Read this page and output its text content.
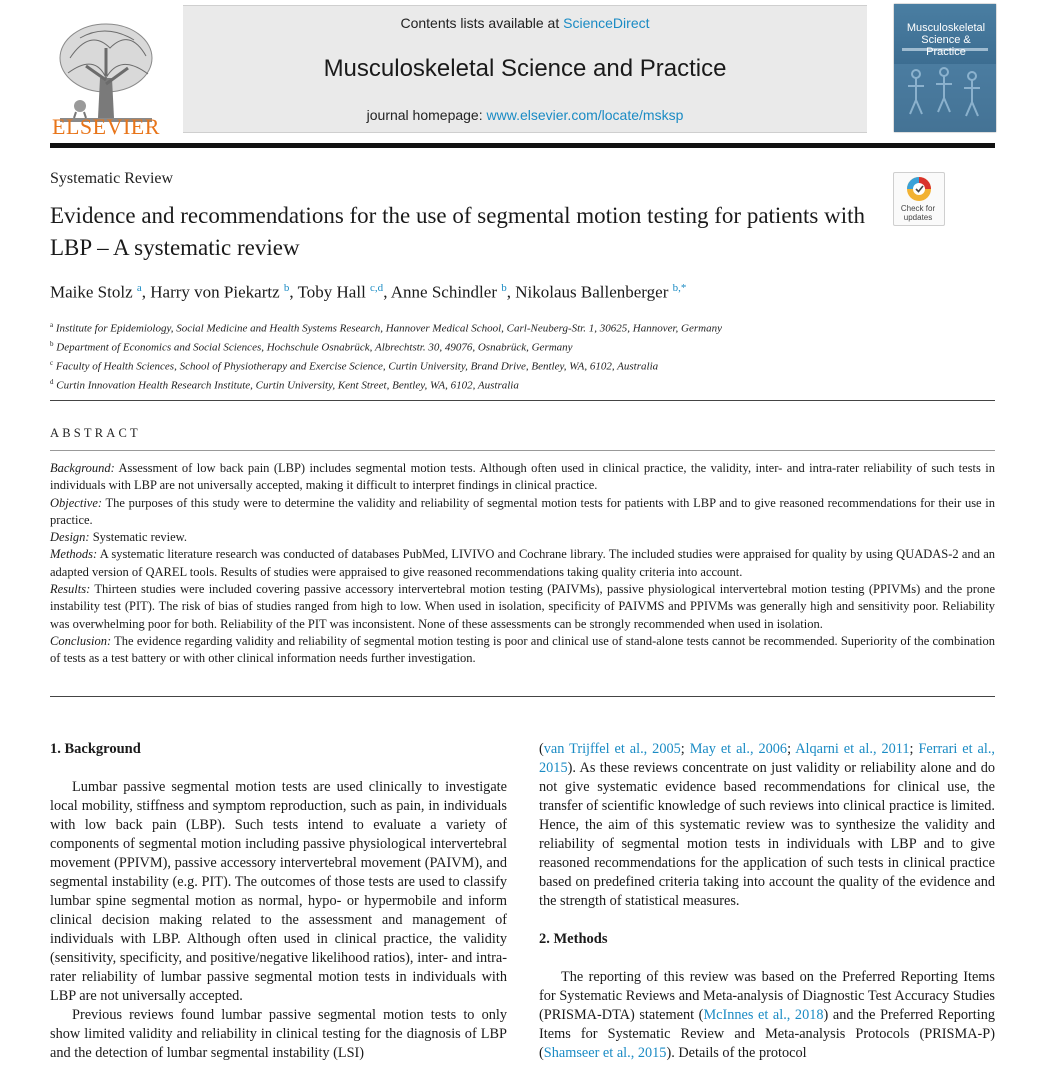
ELSEVIER
Contents lists available at ScienceDirect
Musculoskeletal Science and Practice
journal homepage: www.elsevier.com/locate/msksp
Musculoskeletal Science & Practice
Systematic Review
Check for updates
Evidence and recommendations for the use of segmental motion testing for patients with LBP – A systematic review
Maike Stolz $^a$, Harry von Piekartz $^b$, Toby Hall $^{c,d}$, Anne Schindler $^b$, Nikolaus Ballenberger $^{b,*}$
$^a$ Institute for Epidemiology, Social Medicine and Health Systems Research, Hannover Medical School, Carl-Neuberg-Str. 1, 30625, Hannover, Germany
$^b$ Department of Economics and Social Sciences, Hochschule Osnabrück, Albrechtstr. 30, 49076, Osnabrück, Germany
$^c$ Faculty of Health Sciences, School of Physiotherapy and Exercise Science, Curtin University, Brand Drive, Bentley, WA, 6102, Australia
$^d$ Curtin Innovation Health Research Institute, Curtin University, Kent Street, Bentley, WA, 6102, Australia
ABSTRACT

Background: Assessment of low back pain (LBP) includes segmental motion tests. Although often used in clinical practice, the validity, inter- and intra-rater reliability of such tests in individuals with LBP are not universally accepted, making it difficult to interpret findings in clinical practice.

Objective: The purposes of this study were to determine the validity and reliability of segmental motion tests for patients with LBP and to give reasoned recommendations for their use in practice.

Design: Systematic review.

Methods: A systematic literature research was conducted of databases PubMed, LIVIVO and Cochrane library. The included studies were appraised for quality by using QUADAS-2 and an adapted version of QAREL tools. Results of studies were appraised to give reasoned recommendations taking quality criteria into account.

Results: Thirteen studies were included covering passive accessory intervertebral motion testing (PAIVMs), passive physiological intervertebral motion testing (PPIVMs) and the prone instability test (PIT). The risk of bias of studies ranged from high to low. When used in isolation, specificity of PAIVMS and PPIVMs was generally high and sensitivity poor. Reliability was overwhelming poor for both. Reliability of the PIT was inconsistent. None of these assessments can be strongly recommended when used in isolation.

Conclusion: The evidence regarding validity and reliability of segmental motion testing is poor and clinical use of stand-alone tests cannot be recommended. Superiority of the combination of tests as a test battery or with other clinical information needs further investigation.

1. Background

Lumbar passive segmental motion tests are used clinically to investigate local mobility, stiffness and symptom reproduction, such as pain, in individuals with low back pain (LBP). Such tests intend to evaluate a variety of components of segmental motion including passive physiological intervertebral movement (PPIVM), passive accessory intervertebral movement (PAIVM), and segmental instability (e.g. PIT). The outcomes of those tests are used to classify lumbar spine segmental motion as normal, hypo- or hypermobile and inform clinical decision making related to the assessment and management of individuals with LBP. Although often used in clinical practice, the validity (sensitivity, specificity, and positive/negative likelihood ratios), inter- and intra-rater reliability of lumbar passive segmental motion tests in individuals with LBP are not universally accepted.

Previous reviews found lumbar passive segmental motion tests to only show limited validity and reliability in clinical testing for the diagnosis of LBP and the detection of lumbar segmental instability (LSI)

(van Trijffel et al., 2005; May et al., 2006; Alqarni et al., 2011; Ferrari et al., 2015). As these reviews concentrate on just validity or reliability alone and do not give systematic evidence based recommendations for clinical use, the transfer of scientific knowledge of such reviews into clinical practice is limited. Hence, the aim of this systematic review was to synthesize the validity and reliability of segmental motion tests in individuals with LBP and to give reasoned recommendations for the application of such tests in clinical practice based on predefined criteria taking into account the quality of the evidence and the strength of statistical measures.

2. Methods

The reporting of this review was based on the Preferred Reporting Items for Systematic Reviews and Meta-analysis of Diagnostic Test Accuracy Studies (PRISMA-DTA) statement (McInnes et al., 2018) and the Preferred Reporting Items for Systematic Review and Meta-analysis Protocols (PRISMA-P) (Shamseer et al., 2015). Details of the protocol
